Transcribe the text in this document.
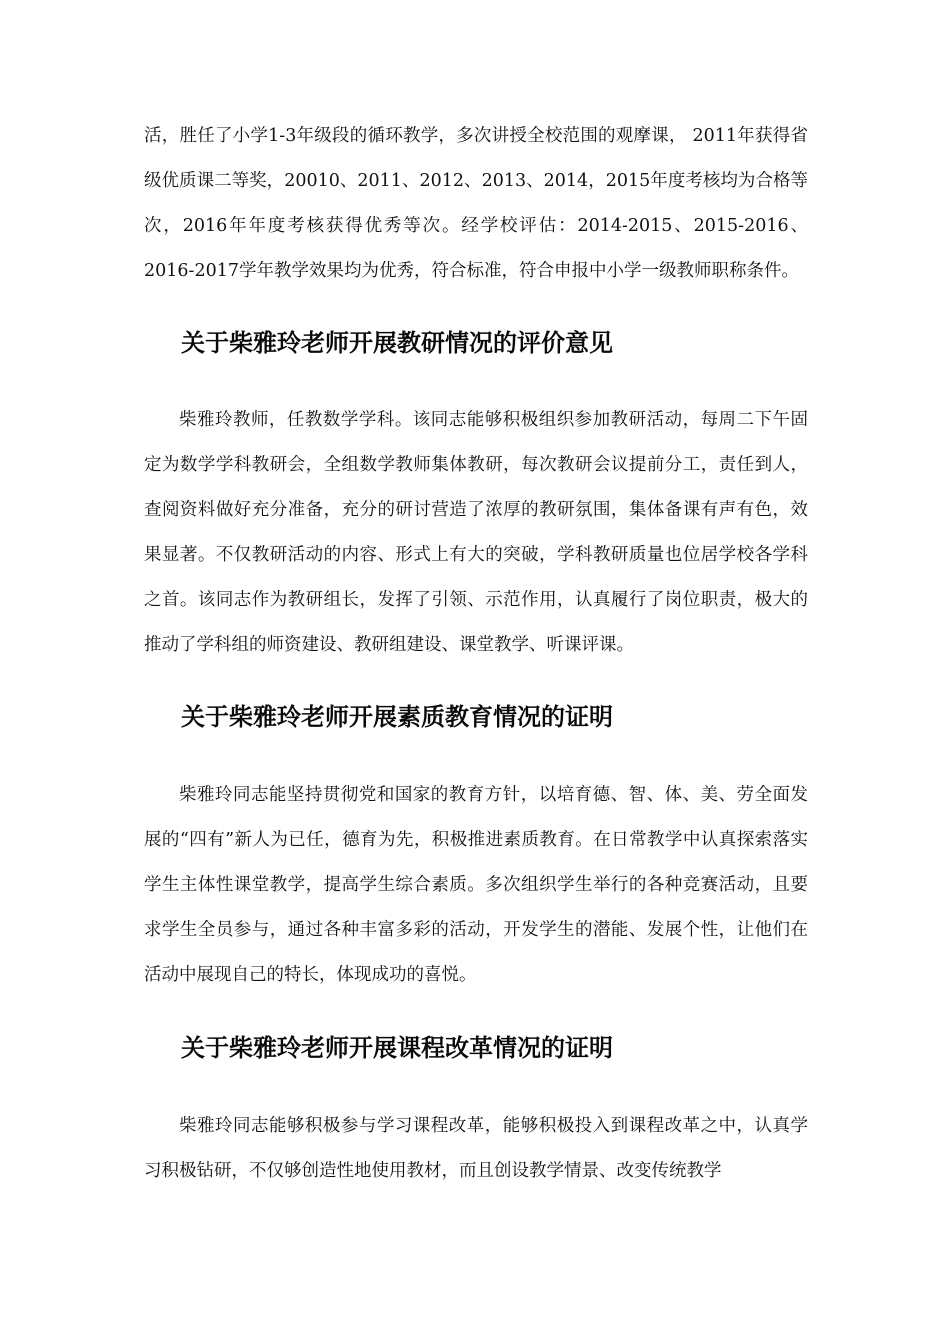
活，胜任了小学1-3年级段的循环教学，多次讲授全校范围的观摩课， 2011年获得省级优质课二等奖，20010、2011、2012、2013、2014，2015年度考核均为合格等次，2016年年度考核获得优秀等次。经学校评估：2014-2015、2015-2016、 2016-2017学年教学效果均为优秀，符合标准，符合申报中小学一级教师职称条件。

关于柴雅玲老师开展教研情况的评价意见

柴雅玲教师，任教数学学科。该同志能够积极组织参加教研活动，每周二下午固定为数学学科教研会，全组数学教师集体教研，每次教研会议提前分工，责任到人，查阅资料做好充分准备，充分的研讨营造了浓厚的教研氛围，集体备课有声有色，效果显著。不仅教研活动的内容、形式上有大的突破，学科教研质量也位居学校各学科之首。该同志作为教研组长，发挥了引领、示范作用，认真履行了岗位职责，极大的推动了学科组的师资建设、教研组建设、课堂教学、听课评课。

关于柴雅玲老师开展素质教育情况的证明

柴雅玲同志能坚持贯彻党和国家的教育方针，以培育德、智、体、美、劳全面发展的“四有”新人为已任，德育为先，积极推进素质教育。在日常教学中认真探索落实学生主体性课堂教学，提高学生综合素质。多次组织学生举行的各种竞赛活动，且要求学生全员参与，通过各种丰富多彩的活动，开发学生的潜能、发展个性，让他们在活动中展现自己的特长，体现成功的喜悦。

关于柴雅玲老师开展课程改革情况的证明

柴雅玲同志能够积极参与学习课程改革，能够积极投入到课程改革之中，认真学习积极钻研，不仅够创造性地使用教材，而且创设教学情景、改变传统教学
